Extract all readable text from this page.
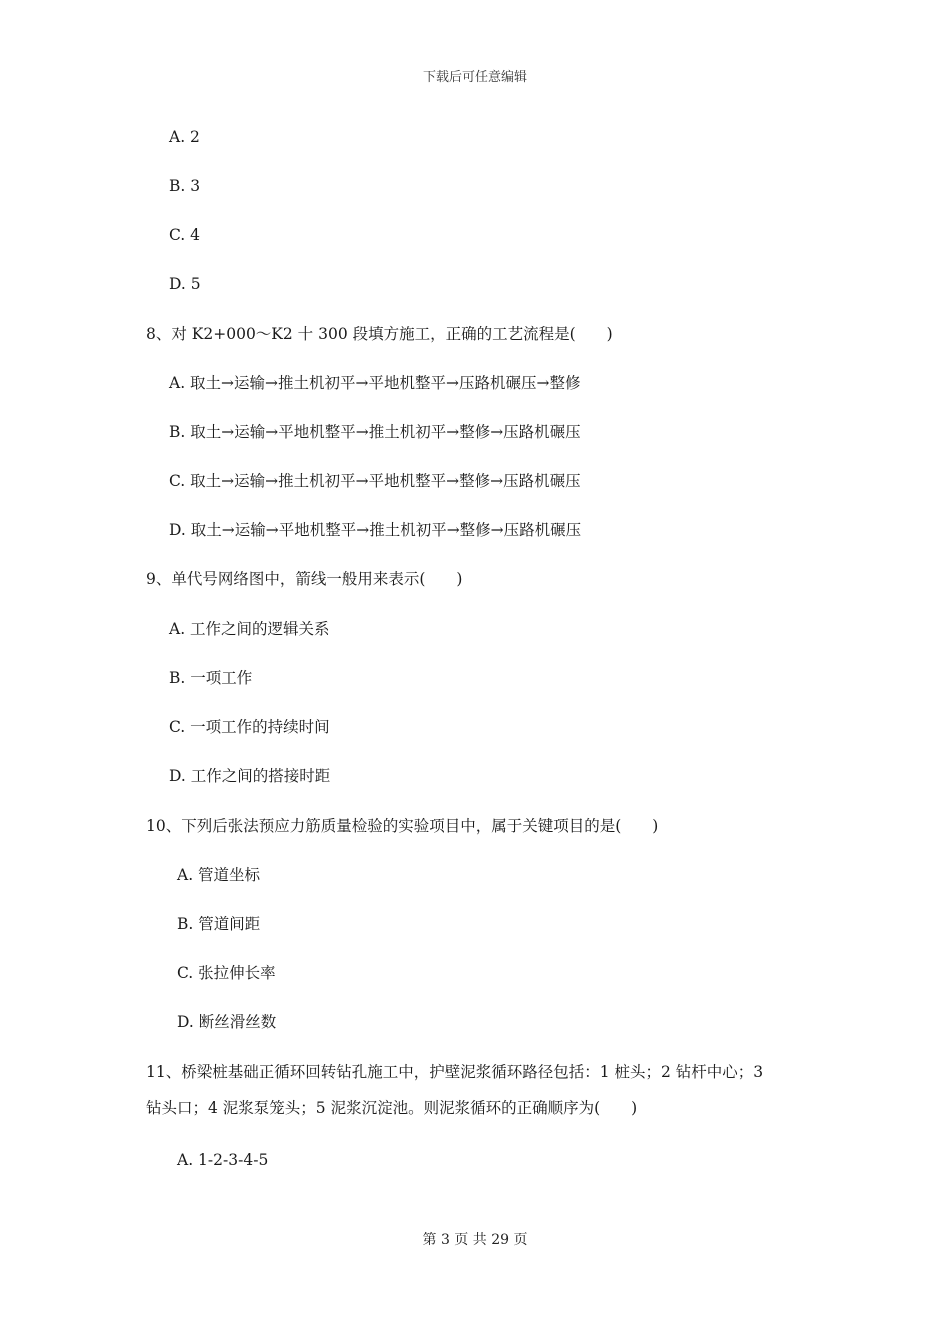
下载后可任意编辑
A. 2
B. 3
C. 4
D. 5
8、对 K2+000～K2 十 300 段填方施工，正确的工艺流程是(　　)
A. 取土→运输→推土机初平→平地机整平→压路机碾压→整修
B. 取土→运输→平地机整平→推土机初平→整修→压路机碾压
C. 取土→运输→推土机初平→平地机整平→整修→压路机碾压
D. 取土→运输→平地机整平→推土机初平→整修→压路机碾压
9、单代号网络图中，箭线一般用来表示(　　)
A. 工作之间的逻辑关系
B. 一项工作
C. 一项工作的持续时间
D. 工作之间的搭接时距
10、下列后张法预应力筋质量检验的实验项目中，属于关键项目的是(　　)
A. 管道坐标
B. 管道间距
C. 张拉伸长率
D. 断丝滑丝数
11、桥梁桩基础正循环回转钻孔施工中，护壁泥浆循环路径包括：1 桩头；2 钻杆中心；3
钻头口；4 泥浆泵笼头；5 泥浆沉淀池。则泥浆循环的正确顺序为(　　)
A. 1-2-3-4-5
第 3 页 共 29 页
